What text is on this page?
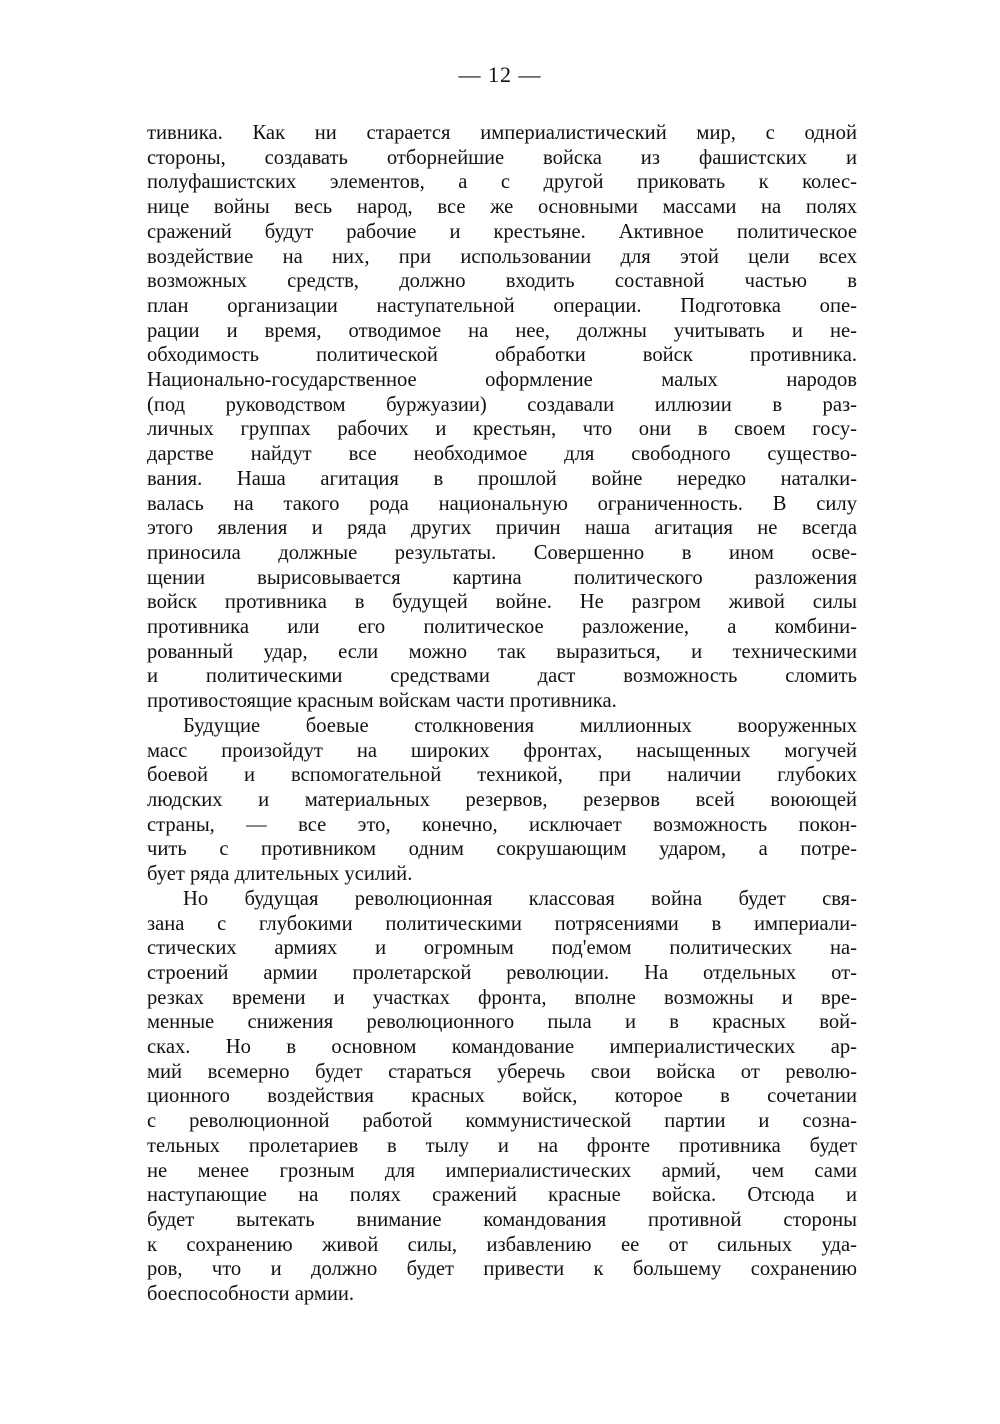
— 12 —
тивника. Как ни старается империалистический мир, с одной
стороны, создавать отборнейшие войска из фашистских и
полуфашистских элементов, а с другой приковать к колес-
нице войны весь народ, все же основными массами на полях
сражений будут рабочие и крестьяне. Активное политическое
воздействие на них, при использовании для этой цели всех
возможных средств, должно входить составной частью в
план организации наступательной операции. Подготовка опе-
рации и время, отводимое на нее, должны учитывать и не-
обходимость политической обработки войск противника.
Национально-государственное оформление малых народов
(под руководством буржуазии) создавали иллюзии в раз-
личных группах рабочих и крестьян, что они в своем госу-
дарстве найдут все необходимое для свободного существо-
вания. Наша агитация в прошлой войне нередко наталки-
валась на такого рода национальную ограниченность. В силу
этого явления и ряда других причин наша агитация не всегда
приносила должные результаты. Совершенно в ином осве-
щении вырисовывается картина политического разложения
войск противника в будущей войне. Не разгром живой силы
противника или его политическое разложение, а комбини-
рованный удар, если можно так выразиться, и техническими
и политическими средствами даст возможность сломить
противостоящие красным войскам части противника.
Будущие боевые столкновения миллионных вооруженных
масс произойдут на широких фронтах, насыщенных могучей
боевой и вспомогательной техникой, при наличии глубоких
людских и материальных резервов, резервов всей воюющей
страны, — все это, конечно, исключает возможность покон-
чить с противником одним сокрушающим ударом, а потре-
бует ряда длительных усилий.
Но будущая революционная классовая война будет свя-
зана с глубокими политическими потрясениями в империали-
стических армиях и огромным под'емом политических на-
строений армии пролетарской революции. На отдельных от-
резках времени и участках фронта, вполне возможны и вре-
менные снижения революционного пыла и в красных вой-
сках. Но в основном командование империалистических ар-
мий всемерно будет стараться уберечь свои войска от револю-
ционного воздействия красных войск, которое в сочетании
с революционной работой коммунистической партии и созна-
тельных пролетариев в тылу и на фронте противника будет
не менее грозным для империалистических армий, чем сами
наступающие на полях сражений красные войска. Отсюда и
будет вытекать внимание командования противной стороны
к сохранению живой силы, избавлению ее от сильных уда-
ров, что и должно будет привести к большему сохранению
боеспособности армии.
